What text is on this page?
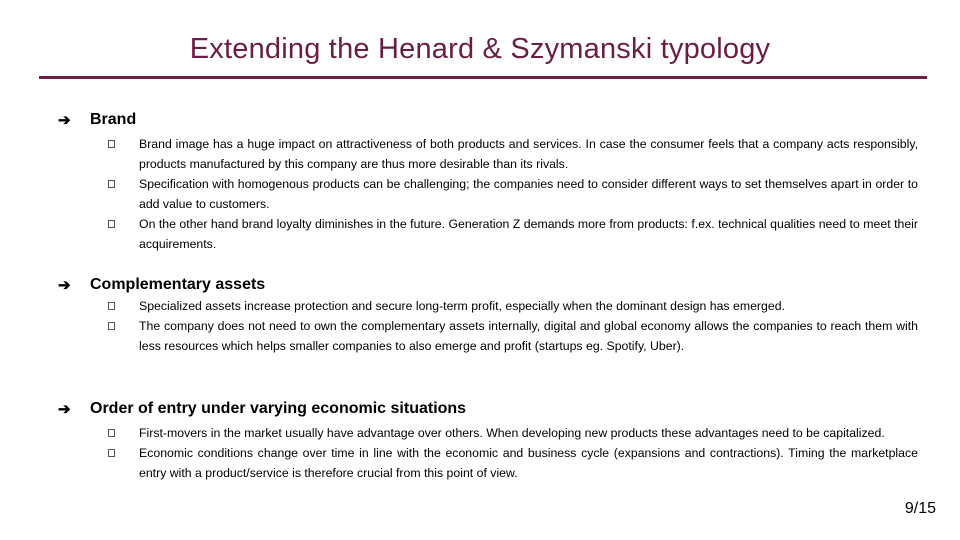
Extending the Henard & Szymanski typology
➔	Brand
Brand image has a huge impact on attractiveness of both products and services. In case the consumer feels that a company acts responsibly, products manufactured by this company are thus more desirable than its rivals.
Specification with homogenous products can be challenging; the companies need to consider different ways to set themselves apart in order to add value to customers.
On the other hand brand loyalty diminishes in the future. Generation Z demands more from products: f.ex. technical qualities need to meet their acquirements.
➔	Complementary assets
Specialized assets increase protection and secure long-term profit, especially when the dominant design has emerged.
The company does not need to own the complementary assets internally, digital and global economy allows the companies to reach them with less resources which helps smaller companies to also emerge and profit (startups eg. Spotify, Uber).
➔	Order of entry under varying economic situations
First-movers in the market usually have advantage over others. When developing new products these advantages need to be capitalized.
Economic conditions change over time in line with the economic and business cycle (expansions and contractions). Timing the marketplace entry with a product/service is therefore crucial from this point of view.
9/15
